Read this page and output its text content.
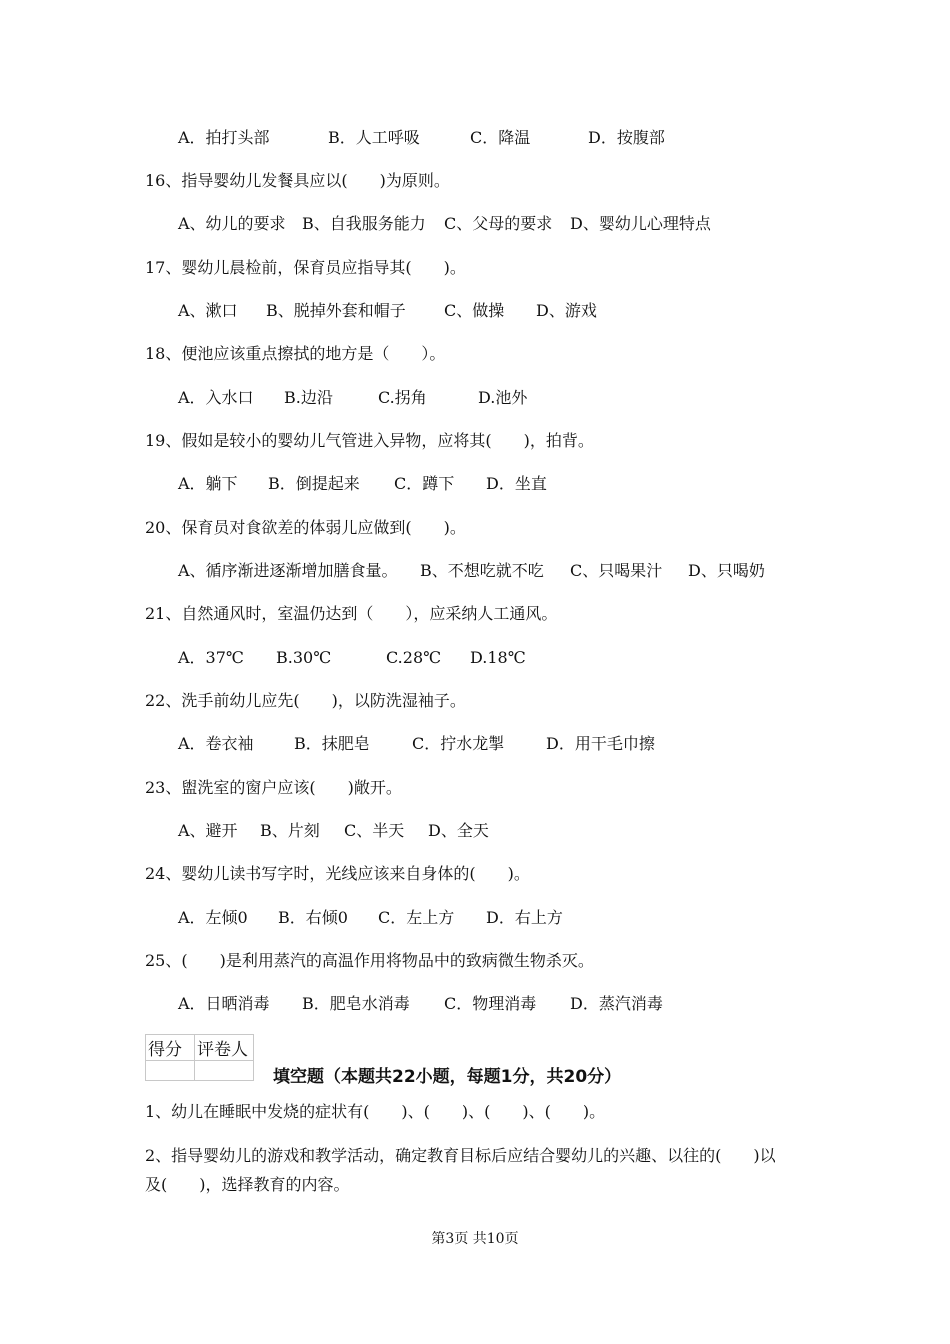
A．拍打头部	B．人工呼吸	C．降温	D．按腹部

16、指导婴幼儿发餐具应以(　　)为原则。

A、幼儿的要求 B、自我服务能力 C、父母的要求 D、婴幼儿心理特点

17、婴幼儿晨检前，保育员应指导其(　　)。

A、漱口 B、脱掉外套和帽子 C、做操 D、游戏

18、便池应该重点擦拭的地方是（　　）。

A．入水口 B.边沿	C.拐角	D.池外

19、假如是较小的婴幼儿气管进入异物，应将其(　　)，拍背。

A．躺下 B．倒提起来 C．蹲下 D．坐直

20、保育员对食欲差的体弱儿应做到(　　)。

A、循序渐进逐渐增加膳食量。 B、不想吃就不吃 C、只喝果汁 D、只喝奶

21、自然通风时，室温仍达到（　　），应采纳人工通风。

A．37℃ B.30℃	C.28℃ D.18℃

22、洗手前幼儿应先(　　)，以防洗湿袖子。

A．卷衣袖	B．抹肥皂	C．拧水龙掣	D．用干毛巾擦

23、盥洗室的窗户应该(　　)敞开。

A、避开 B、片刻 C、半天 D、全天

24、婴幼儿读书写字时，光线应该来自身体的(　　)。

A．左倾0 B．右倾0 C．左上方 D．右上方

25、(　　)是利用蒸汽的高温作用将物品中的致病微生物杀灭。

A．日晒消毒 B．肥皂水消毒 C．物理消毒 D．蒸汽消毒
得分	评卷人

填空题（本题共22小题，每题1分，共20分）

1、幼儿在睡眠中发烧的症状有(　　)、(　　)、(　　)、(　　)。

2、指导婴幼儿的游戏和教学活动，确定教育目标后应结合婴幼儿的兴趣、以往的(　　)以

及(　　)，选择教育的内容。

第3页 共10页
